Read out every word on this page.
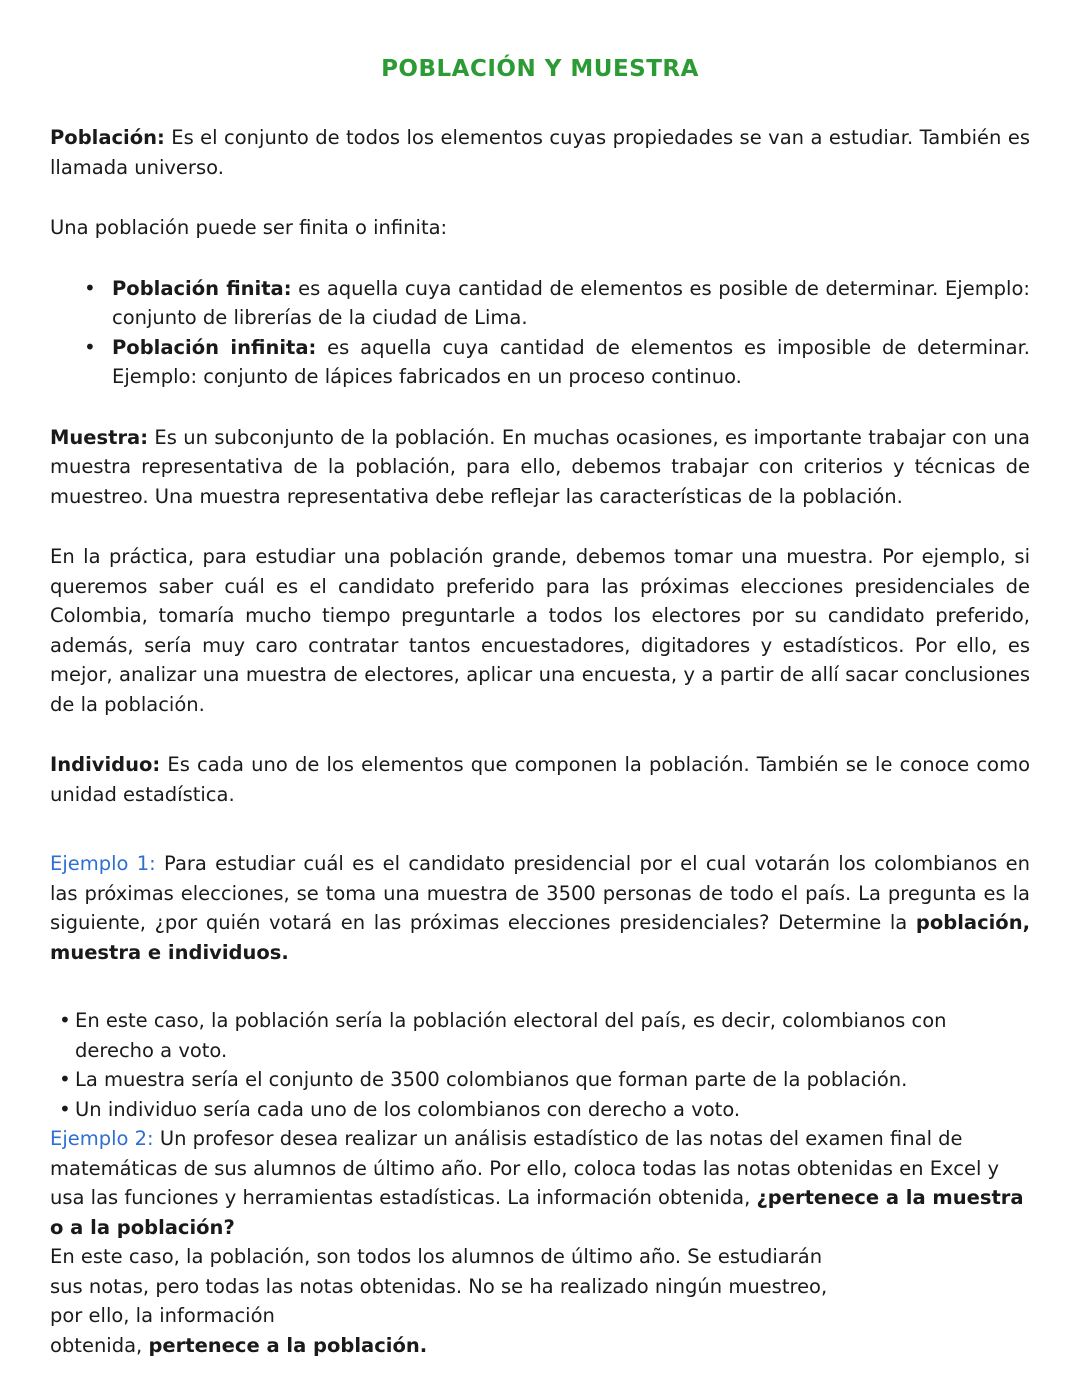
POBLACIÓN Y MUESTRA

Población: Es el conjunto de todos los elementos cuyas propiedades se van a estudiar. También es llamada universo.

Una población puede ser finita o infinita:

• Población finita: es aquella cuya cantidad de elementos es posible de determinar. Ejemplo: conjunto de librerías de la ciudad de Lima.
• Población infinita: es aquella cuya cantidad de elementos es imposible de determinar. Ejemplo: conjunto de lápices fabricados en un proceso continuo.

Muestra: Es un subconjunto de la población. En muchas ocasiones, es importante trabajar con una muestra representativa de la población, para ello, debemos trabajar con criterios y técnicas de muestreo. Una muestra representativa debe reflejar las características de la población.

En la práctica, para estudiar una población grande, debemos tomar una muestra. Por ejemplo, si queremos saber cuál es el candidato preferido para las próximas elecciones presidenciales de Colombia, tomaría mucho tiempo preguntarle a todos los electores por su candidato preferido, además, sería muy caro contratar tantos encuestadores, digitadores y estadísticos. Por ello, es mejor, analizar una muestra de electores, aplicar una encuesta, y a partir de allí sacar conclusiones de la población.

Individuo: Es cada uno de los elementos que componen la población. También se le conoce como unidad estadística.

Ejemplo 1: Para estudiar cuál es el candidato presidencial por el cual votarán los colombianos en las próximas elecciones, se toma una muestra de 3500 personas de todo el país. La pregunta es la siguiente, ¿por quién votará en las próximas elecciones presidenciales? Determine la población, muestra e individuos.

• En este caso, la población sería la población electoral del país, es decir, colombianos con derecho a voto.
• La muestra sería el conjunto de 3500 colombianos que forman parte de la población.
• Un individuo sería cada uno de los colombianos con derecho a voto.

Ejemplo 2: Un profesor desea realizar un análisis estadístico de las notas del examen final de matemáticas de sus alumnos de último año. Por ello, coloca todas las notas obtenidas en Excel y usa las funciones y herramientas estadísticas. La información obtenida, ¿pertenece a la muestra o a la población?

En este caso, la población, son todos los alumnos de último año. Se estudiarán sus notas, pero todas las notas obtenidas. No se ha realizado ningún muestreo, por ello, la información

obtenida, pertenece a la población.
